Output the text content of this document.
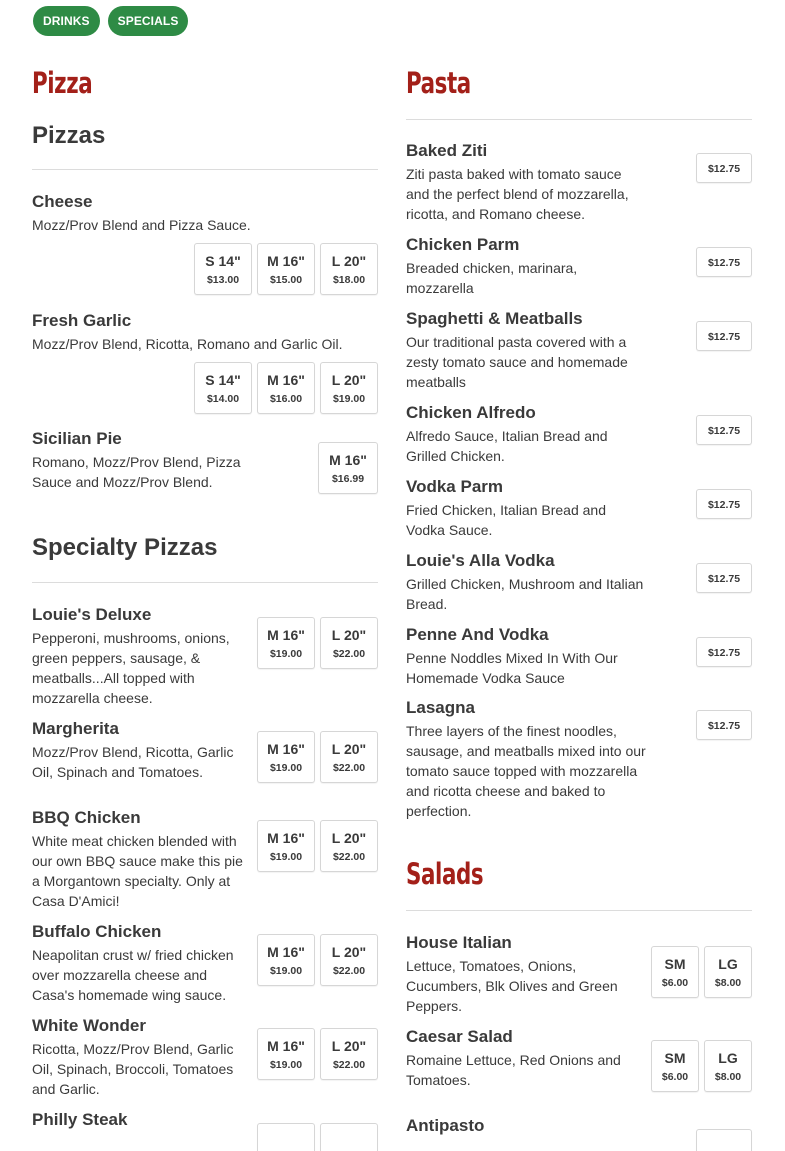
DRINKS	SPECIALS
Pizza
Pizzas
Cheese
Mozz/Prov Blend and Pizza Sauce.
S 14"
$13.00
M 16"
$15.00
L 20"
$18.00
Fresh Garlic
Mozz/Prov Blend, Ricotta, Romano and Garlic Oil.
S 14"
$14.00
M 16"
$16.00
L 20"
$19.00
Sicilian Pie
Romano, Mozz/Prov Blend, Pizza Sauce and Mozz/Prov Blend.
M 16"
$16.99
Specialty Pizzas
Louie's Deluxe
Pepperoni, mushrooms, onions, green peppers, sausage, & meatballs...All topped with mozzarella cheese.
M 16"
$19.00
L 20"
$22.00
Margherita
Mozz/Prov Blend, Ricotta, Garlic Oil, Spinach and Tomatoes.
M 16"
$19.00
L 20"
$22.00
BBQ Chicken
White meat chicken blended with our own BBQ sauce make this pie a Morgantown specialty. Only at Casa D'Amici!
M 16"
$19.00
L 20"
$22.00
Buffalo Chicken
Neapolitan crust w/ fried chicken over mozzarella cheese and Casa's homemade wing sauce.
M 16"
$19.00
L 20"
$22.00
White Wonder
Ricotta, Mozz/Prov Blend, Garlic Oil, Spinach, Broccoli, Tomatoes and Garlic.
M 16"
$19.00
L 20"
$22.00
Philly Steak
Pasta
Baked Ziti
Ziti pasta baked with tomato sauce and the perfect blend of mozzarella, ricotta, and Romano cheese.
$12.75
Chicken Parm
Breaded chicken, marinara, mozzarella
$12.75
Spaghetti & Meatballs
Our traditional pasta covered with a zesty tomato sauce and homemade meatballs
$12.75
Chicken Alfredo
Alfredo Sauce, Italian Bread and Grilled Chicken.
$12.75
Vodka Parm
Fried Chicken, Italian Bread and Vodka Sauce.
$12.75
Louie's Alla Vodka
Grilled Chicken, Mushroom and Italian Bread.
$12.75
Penne And Vodka
Penne Noddles Mixed In With Our Homemade Vodka Sauce
$12.75
Lasagna
Three layers of the finest noodles, sausage, and meatballs mixed into our tomato sauce topped with mozzarella and ricotta cheese and baked to perfection.
$12.75
Salads
House Italian
Lettuce, Tomatoes, Onions, Cucumbers, Blk Olives and Green Peppers.
SM
$6.00
LG
$8.00
Caesar Salad
Romaine Lettuce, Red Onions and Tomatoes.
SM
$6.00
LG
$8.00
Antipasto
